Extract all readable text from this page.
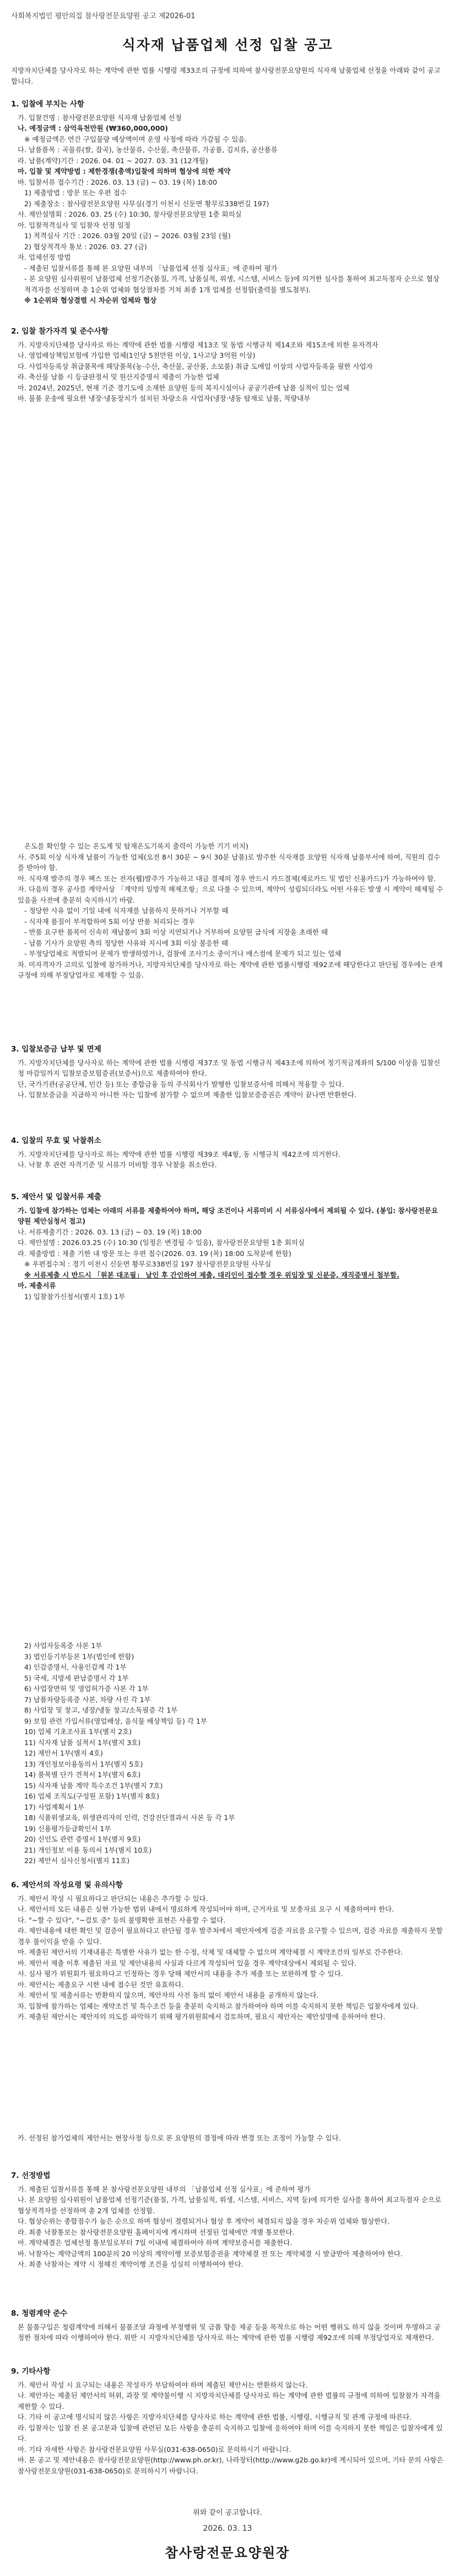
사회복지법인 평안의집 참사랑전문요양원 공고 제2026-01
식자재 납품업체 선정 입찰 공고
지방자치단체를 당사자로 하는 계약에 관한 법률 시행령 제33조의 규정에 의하여 참사랑전문요양원의 식자재 납품업체 선정을 아래와 같이 공고합니다.
1. 입찰에 부치는 사항
가. 입찰건명 : 참사랑전문요양원 식자재 납품업체 선정
나. 예정금액 : 삼억육천만원 (₩360,000,000)
※ 예정금액은 연간 구입물량 예상액이며 운영 사정에 따라 가감될 수 있음.
다. 납품품목 : 곡물류(쌀, 잡곡), 농산물류, 수산물, 축산물류, 가공품, 김치류, 공산품류
라. 납품(계약)기간 : 2026. 04. 01 ~ 2027. 03. 31 (12개월)
마. 입찰 및 계약방법 : 제한경쟁(총액)입찰에 의하며 협상에 의한 계약
바. 입찰서류 접수기간 : 2026. 03. 13 (금) ~ 03. 19 (목) 18:00
1) 제출방법 : 방문 또는 우편 접수
2) 제출장소 : 참사랑전문요양원 사무실(경기 이천시 신둔면 황무로338번길 197)
사. 제안설명회 : 2026. 03. 25 (수) 10:30, 참사랑전문요양원 1층 회의실
아. 입찰적격심사 및 입찰자 선정 일정
1) 적격심사 기간 : 2026. 03월 20일 (금) ~ 2026. 03월 23일 (월)
2) 협상적격자 통보 : 2026. 03. 27 (금)
자. 업체선정 방법
- 제출된 입찰서류를 통해 본 요양원 내부의 「납품업체 선정 심사표」에 준하여 평가
- 본 요양원 심사위원이 납품업체 선정기준(품질, 가격, 납품실적, 위생, 시스템, 서비스 등)에 의거한 심사를 통하여 최고득점자 순으로 협상적격자를 선정하며 총 1순위 업체와 협상절차를 거쳐 최종 1개 업체를 선정함(출력물 별도첨부).
※ 1순위와 협상결렬 시 차순위 업체와 협상
2. 입찰 참가자격 및 준수사항
가. 지방자치단체를 당사자로 하는 계약에 관한 법률 시행령 제13조 및 동법 시행규칙 제14조와 제15조에 의한 유자격자
나. 영업배상책임보험에 가입한 업체(1인당 5천만원 이상, 1사고당 3억원 이상)
다. 사업자등록상 취급품목에 해당품목(농·수산, 축산물, 공산품, 소모품) 취급 도매업 이상의 사업자등록을 필한 사업자
라. 축산물 납품 시 등급판정서 및 원산지증명서 제출이 가능한 업체
마. 2024년, 2025년, 현재 기준 경기도에 소재한 요양원 등의 복지시설이나 공공기관에 납품 실적이 있는 업체
바. 물품 운송에 필요한 냉장·냉동장치가 설치된 차량소유 사업자(냉장·냉동 탑재로 납품, 적량내부
온도를 확인할 수 있는 온도계 및 탑재온도기록지 출력이 가능한 기기 비치)
사. 주5회 이상 식자재 납품이 가능한 업체(오전 8시 30분 ~ 9시 30분 납품)로 발주한 식자재를 요양원 식자재 납품부서에 하여, 직원의 검수를 받아야 함.
아. 식자재 발주의 경우 팩스 또는 전자(웹)발주가 가능하고 대금 결제의 경우 반드시 카드결제(제로카드 및 법인 신용카드)가 가능하여야 함.
자. 다음의 경우 공사를 계약서상 「계약의 일방적 해제조항」으로 다룰 수 있으며, 계약이 성립되더라도 어떤 사유든 발생 시 계약이 해제될 수 있음을 사전에 충분히 숙지하시기 바람.
- 정당한 사유 없이 기일 내에 식자재를 납품하지 못하거나 거부할 때
- 식자재 품질이 부적합하여 5회 이상 반품 처리되는 경우
- 반품 요구한 품목이 신속히 재납품이 3회 이상 지연되거나 거부하여 요양원 급식에 지장을 초래한 때
- 납품 기사가 요양원 측의 정당한 사유와 지시에 3회 이상 불응한 때
- 부정당업체로 적발되어 문제가 발생하였거나, 검찰에 조사기소 중이거나 매스컴에 문제가 되고 있는 업체
차. 미자격자가 고의로 입찰에 참가하거나, 지방자치단체를 당사자로 하는 계약에 관한 법률시행령 제92조에 해당한다고 판단될 경우에는 관계규정에 의해 부정당업자로 제재할 수 있음.
3. 입찰보증금 납부 및 면제
가. 지방자치단체를 당사자로 하는 계약에 관한 법률 시행령 제37조 및 동법 시행규칙 제43조에 의하여 정기적금계좌의 5/100 이상을 입찰신청 마감일까지 입찰보증보험증권(보증서)으로 제출하여야 한다.
단, 국가기관(공공단체, 민간 등) 또는 종합금융 등의 주식회사가 발행한 입찰보증서에 의해서 적용할 수 있다.
나. 입찰보증금을 지급하지 아니한 자는 입찰에 참가할 수 없으며 제출한 입찰보증증권은 계약이 끝나면 반환한다.
4. 입찰의 무효 및 낙찰취소
가. 지방자치단체를 당사자로 하는 계약에 관한 법률 시행령 제39조 제4항, 동 시행규칙 제42조에 의거한다.
나. 낙찰 후 관련 자격기준 및 서류가 미비할 경우 낙찰을 취소한다.
5. 제안서 및 입찰서류 제출
가. 입찰에 참가하는 업체는 아래의 서류를 제출하여야 하며, 해당 조건이나 서류미비 시 서류심사에서 제외될 수 있다. (봉입: 참사랑전문요양원 제안심청서 접고)
나. 서류제출기간 : 2026. 03. 13 (금) ~ 03. 19 (목) 18:00
다. 제안설명 : 2026.03.25 (수) 10:30 (일정은 변경될 수 있음), 참사랑전문요양원 1층 회의실
라. 제출방법 : 제출 기한 내 방문 또는 우편 접수(2026. 03. 19 (목) 18:00 도착분에 한함)
※ 우편접수처 : 경기 이천시 신둔면 황무로338번길 197 참사랑전문요양원 사무실
※ 서류제출 시 반드시 「원본 대조필」 날인 후 간인하여 제출, 대리인이 접수할 경우 위임장 및 신분증, 재직증명서 첨부할.
마. 제출서류
1) 입찰참가신청서(별지 1호) 1부
2) 사업자등록증 사본 1부
3) 법인등기부등본 1부(법인에 한함)
4) 인감증명서, 사용인감계 각 1부
5) 국세, 지방세 완납증명서 각 1부
6) 사업장면허 및 영업허가증 사본 각 1부
7) 납품차량등록증 사본, 차량 사진 각 1부
8) 사업장 및 창고, 냉장/냉동 창고/소독필증 각 1부
9) 보험 관련 가입서류(영업배상, 음식물 배상책임 등) 각 1부
10) 업체 기초조사표 1부(별지 2호)
11) 식자재 납품 실적서 1부(별지 3호)
12) 제안서 1부(별지 4호)
13) 개인정보이용동의서 1부(별지 5호)
14) 품목별 단가 견적서 1부(별지 6호)
15) 식자재 납품 계약 특수조건 1부(별지 7호)
16) 업체 조직도(구성원 포함) 1부(별지 8호)
17) 사업계획서 1부
18) 식품위생교육, 위생관리자의 인력, 건강진단결과서 사본 등 각 1부
19) 신용평가등급확인서 1부
20) 신인도 관련 증명서 1부(별지 9호)
21) 개인정보 이용 동의서 1부(별지 10호)
22) 제안서 심사신청서(별지 11호)
6. 제안서의 작성요령 및 유의사항
가. 제안서 작성 시 필요하다고 판단되는 내용은 추가할 수 있다.
나. 제안서의 모든 내용은 실현 가능한 범위 내에서 명료하게 작성되어야 하며, 근거자료 및 보충자료 요구 시 제출하여야 한다.
다. "~할 수 있다", "~검토 중" 등의 불명확한 표현은 사용할 수 없다.
라. 제안내용에 대한 확인 및 검증이 필요하다고 판단될 경우 발주처에서 제안자에게 검증 자료를 요구할 수 있으며, 검증 자료를 제출하지 못할 경우 불이익을 받을 수 있다.
마. 제출된 제안서의 기재내용은 특별한 사유가 없는 한 수정, 삭제 및 대체할 수 없으며 계약체결 시 계약조건의 일부로 간주한다.
바. 제안서 제출 이후 제출된 자료 및 제안내용의 사실과 다르게 작성되어 있을 경우 계약대상에서 제외될 수 있다.
사. 심사 평가 위원회가 필요하다고 인정하는 경우 당해 제안서의 내용을 추가 제출 또는 보완하게 할 수 있다.
아. 제안서는 제출요구 시한 내에 접수된 것만 유효하다.
자. 제안서 및 제출서류는 반환하지 않으며, 제안자의 사전 동의 없이 제안서 내용을 공개하지 않는다.
차. 입찰에 참가하는 업체는 계약조건 및 특수조건 등을 충분히 숙지하고 참가하여야 하며 이를 숙지하지 못한 책임은 입찰자에게 있다.
카. 제출된 제안서는 제안자의 의도를 파악하기 위해 평가위원회에서 검토하며, 필요시 제안자는 제안설명에 응하여야 한다.
카. 선정된 참가업체의 제안서는 현장사정 등으로 본 요양원의 결정에 따라 변경 또는 조정이 가능할 수 있다.
7. 선정방법
가. 제출된 입찰서류를 통해 본 참사랑전문요양원 내부의 「납품업체 선정 심사표」에 준하여 평가
나. 본 요양원 심사위원이 납품업체 선정기준(품질, 가격, 납품실적, 위생, 시스템, 서비스, 지역 등)에 의거한 심사를 통하여 최고득점자 순으로 협상적격자를 선정하며 총 2개 업체를 선정함.
다. 협상순위는 종합점수가 높은 순으로 하며 협상이 결렬되거나 협상 후 계약이 체결되지 않을 경우 차순위 업체와 협상한다.
라. 최종 낙찰통보는 참사랑전문요양원 홈페이지에 게시하며 선정된 업체에만 개별 통보한다.
마. 계약체결은 업체선정 통보일로부터 7일 이내에 체결하여야 하며 계약보증서를 제출한다.
바. 낙찰자는 계약금액의 100분의 20 이상의 계약이행 보증보험증권을 계약체결 전 또는 계약체결 시 발급받아 제출하여야 한다.
사. 최종 낙찰자는 계약 시 정해진 계약이행 조건을 성실히 이행하여야 한다.
8. 청렴계약 준수
본 물품구입은 청렴계약에 의해서 물품조달 과정에 부정행위 및 금품 향응 제공 등을 목적으로 하는 어떤 행위도 하지 않을 것이며 투명하고 공정한 절차에 따라 이행하여야 한다. 위반 시 지방자치단체를 당사자로 하는 계약에 관한 법률 시행령 제92조에 의해 부정당업자로 제재한다.
9. 기타사항
가. 제안서 작성 시 요구되는 내용은 작성자가 부담하여야 하며 제출된 제안서는 반환하지 않는다.
나. 제안자는 제출된 제안서의 허위, 과장 및 계약불이행 시 지방자치단체를 당사자로 하는 계약에 관한 법률의 규정에 의하여 입찰참가 자격을 제한할 수 있다.
다. 기타 이 공고에 명시되지 않은 사항은 지방자치단체를 당사자로 하는 계약에 관한 법률, 시행령, 시행규칙 및 관계 규정에 따른다.
라. 입찰자는 입찰 전 본 공고문과 입찰에 관련된 모든 사항을 충분히 숙지하고 입찰에 응하여야 하며 이를 숙지하지 못한 책임은 입찰자에게 있다.
마. 기타 자세한 사항은 참사랑전문요양원 사무실(031-638-0650)로 문의하시기 바랍니다.
바. 본 공고 및 제안내용은 참사랑전문요양원(http://www.ph.or.kr), 나라장터(http://www.g2b.go.kr)에 게시되어 있으며, 기타 문의 사항은 참사랑전문요양원(031-638-0650)로 문의하시기 바랍니다.
위와 같이 공고합니다.
2026. 03. 13
참사랑전문요양원장
